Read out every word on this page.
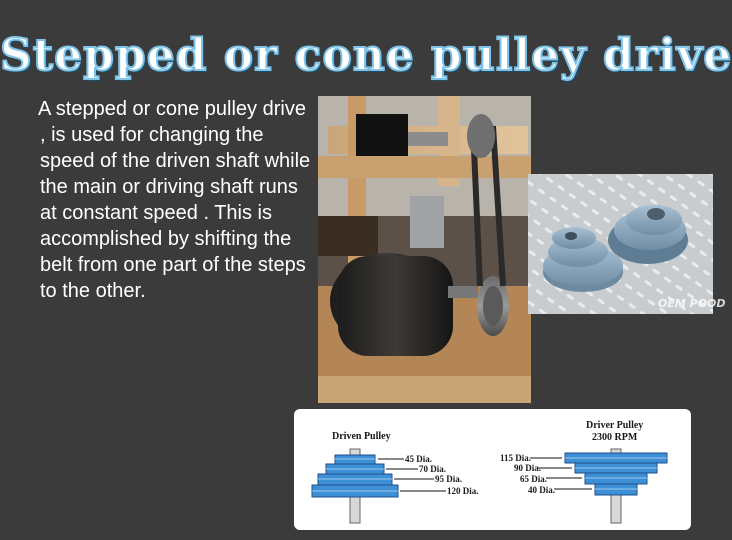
Stepped or cone pulley drive
A stepped or cone pulley drive , is used for changing the speed of the driven shaft while the main or driving shaft runs at constant speed . This is accomplished by shifting the belt from one part of the steps to the other.
OEM POOD
Driven Pulley
45 Dia.
70 Dia.
95 Dia.
120 Dia.
Driver Pulley
2300 RPM
115 Dia.
90 Dia.
65 Dia.
40 Dia.
